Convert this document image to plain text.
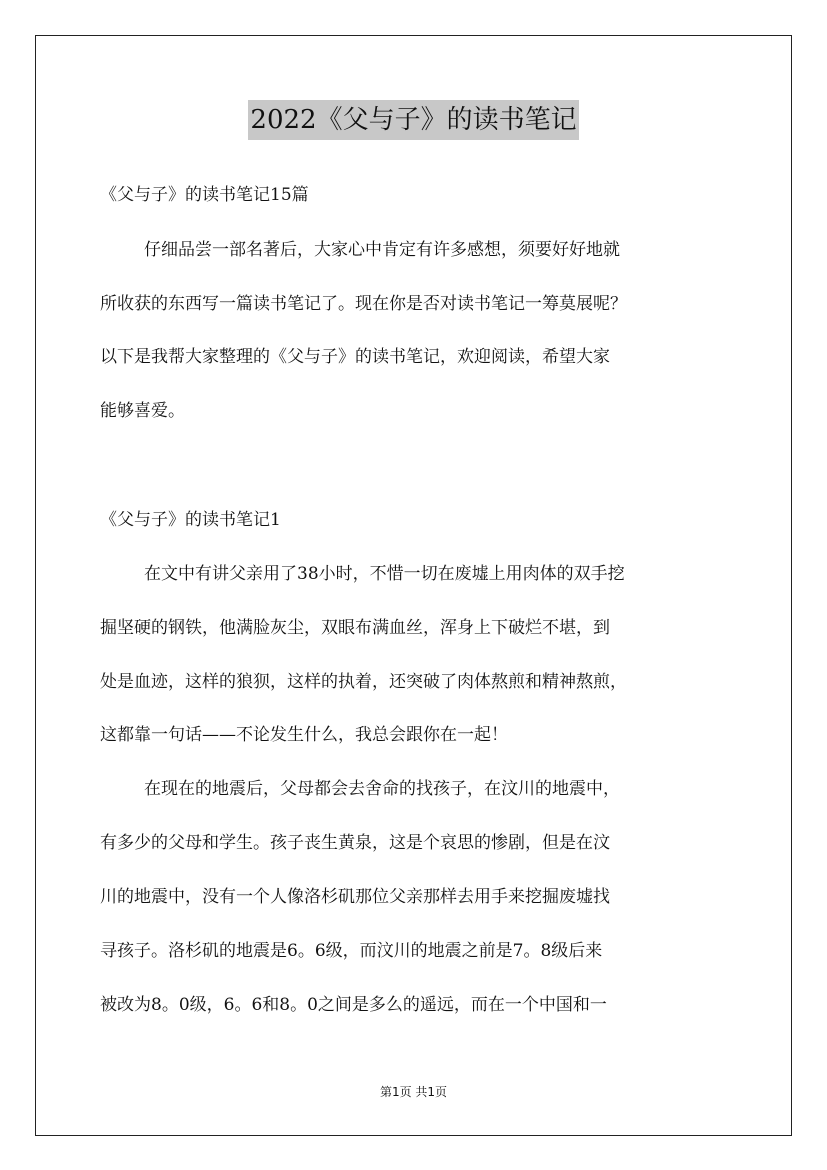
2022《父与子》的读书笔记
《父与子》的读书笔记15篇
仔细品尝一部名著后，大家心中肯定有许多感想，须要好好地就
所收获的东西写一篇读书笔记了。现在你是否对读书笔记一筹莫展呢？
以下是我帮大家整理的《父与子》的读书笔记，欢迎阅读，希望大家
能够喜爱。
《父与子》的读书笔记1
在文中有讲父亲用了38小时，不惜一切在废墟上用肉体的双手挖
掘坚硬的钢铁，他满脸灰尘，双眼布满血丝，浑身上下破烂不堪，到
处是血迹，这样的狼狈，这样的执着，还突破了肉体熬煎和精神熬煎，
这都靠一句话——不论发生什么，我总会跟你在一起！
在现在的地震后，父母都会去舍命的找孩子，在汶川的地震中，
有多少的父母和学生。孩子丧生黄泉，这是个哀思的惨剧，但是在汶
川的地震中，没有一个人像洛杉矶那位父亲那样去用手来挖掘废墟找
寻孩子。洛杉矶的地震是6。6级，而汶川的地震之前是7。8级后来
被改为8。0级，6。6和8。0之间是多么的遥远，而在一个中国和一
第1页 共1页
